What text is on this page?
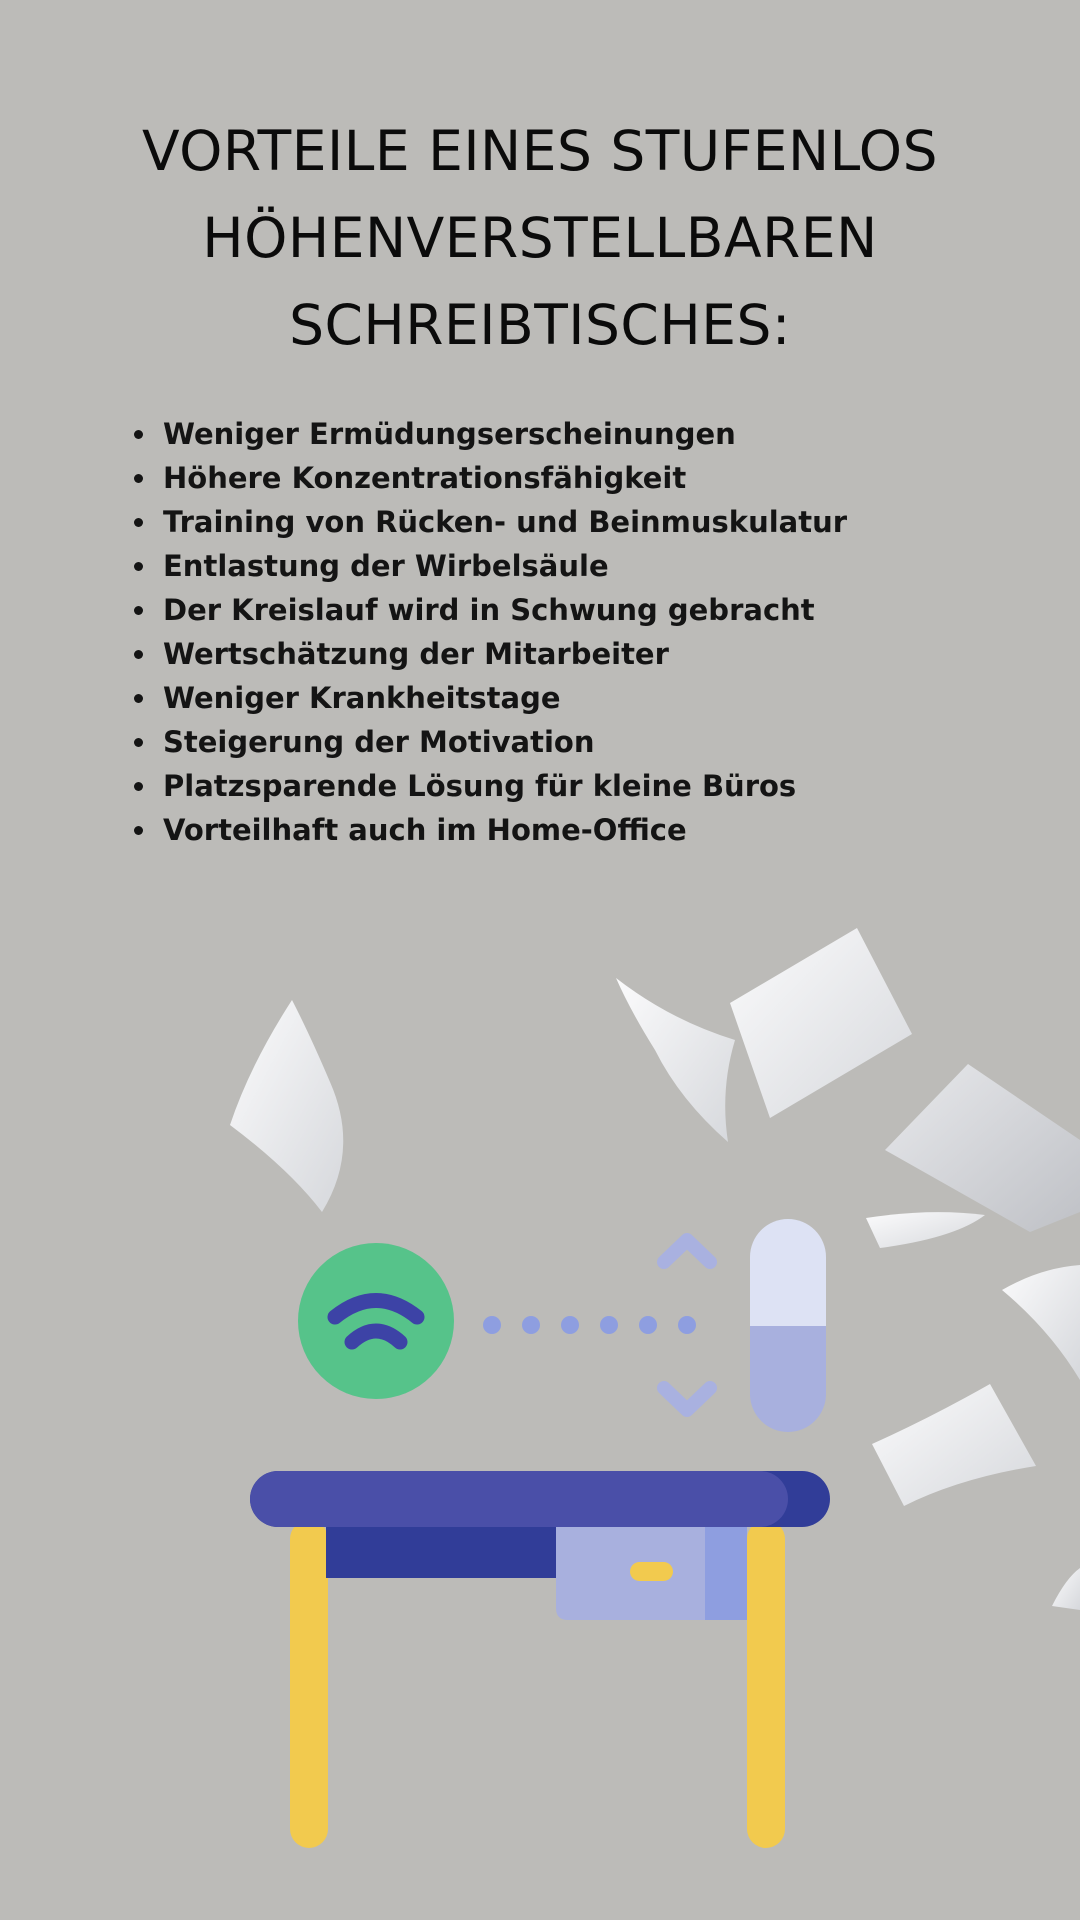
VORTEILE EINES STUFENLOS
HÖHENVERSTELLBAREN
SCHREIBTISCHES:
Weniger Ermüdungserscheinungen
Höhere Konzentrationsfähigkeit
Training von Rücken- und Beinmuskulatur
Entlastung der Wirbelsäule
Der Kreislauf wird in Schwung gebracht
Wertschätzung der Mitarbeiter
Weniger Krankheitstage
Steigerung der Motivation
Platzsparende Lösung für kleine Büros
Vorteilhaft auch im Home-Office
